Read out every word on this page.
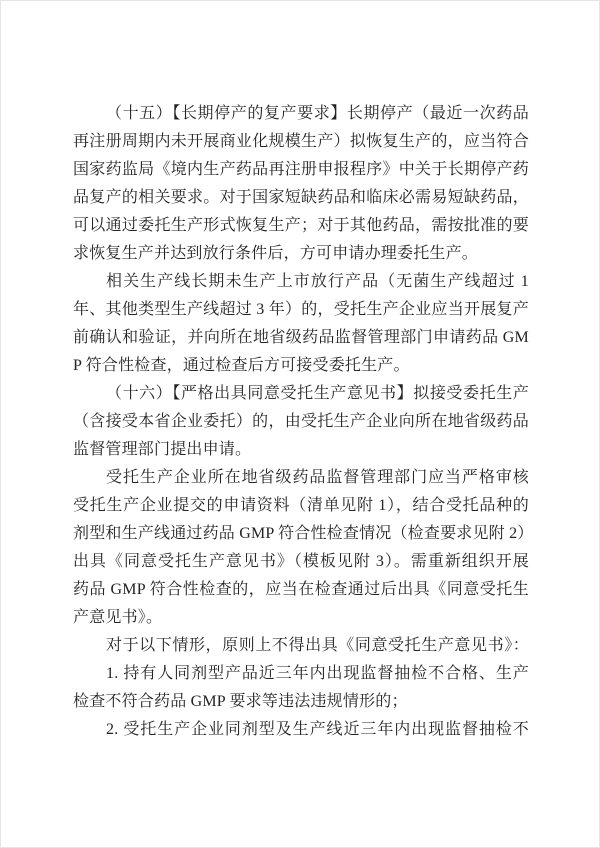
（十五）【长期停产的复产要求】长期停产（最近一次药品
再注册周期内未开展商业化规模生产）拟恢复生产的，应当符合
国家药监局《境内生产药品再注册申报程序》中关于长期停产药
品复产的相关要求。对于国家短缺药品和临床必需易短缺药品，
可以通过委托生产形式恢复生产；对于其他药品，需按批准的要
求恢复生产并达到放行条件后，方可申请办理委托生产。
相关生产线长期未生产上市放行产品（无菌生产线超过 1
年、其他类型生产线超过 3 年）的，受托生产企业应当开展复产
前确认和验证，并向所在地省级药品监督管理部门申请药品 GM
P 符合性检查，通过检查后方可接受委托生产。
（十六）【严格出具同意受托生产意见书】拟接受委托生产
（含接受本省企业委托）的，由受托生产企业向所在地省级药品
监督管理部门提出申请。
受托生产企业所在地省级药品监督管理部门应当严格审核
受托生产企业提交的申请资料（清单见附 1），结合受托品种的
剂型和生产线通过药品 GMP 符合性检查情况（检查要求见附 2）
出具《同意受托生产意见书》（模板见附 3）。需重新组织开展
药品 GMP 符合性检查的，应当在检查通过后出具《同意受托生
产意见书》。
对于以下情形，原则上不得出具《同意受托生产意见书》：
1. 持有人同剂型产品近三年内出现监督抽检不合格、生产
检查不符合药品 GMP 要求等违法违规情形的；
2. 受托生产企业同剂型及生产线近三年内出现监督抽检不
